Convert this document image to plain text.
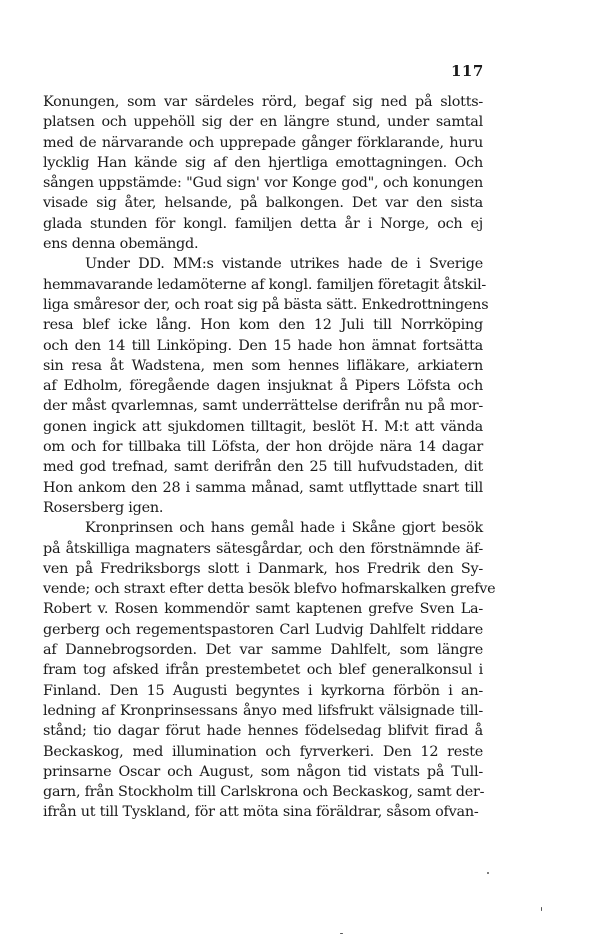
117
Konungen, som var särdeles rörd, begaf sig ned på slotts-
platsen och uppehöll sig der en längre stund, under samtal
med de närvarande och upprepade gånger förklarande, huru
lycklig Han kände sig af den hjertliga emottagningen. Och
sången uppstämde: "Gud sign' vor Konge god", och konungen
visade sig åter, helsande, på balkongen. Det var den sista
glada stunden för kongl. familjen detta år i Norge, och ej
ens denna obemängd.
Under DD. MM:s vistande utrikes hade de i Sverige
hemmavarande ledamöterne af kongl. familjen företagit åtskil-
liga småresor der, och roat sig på bästa sätt. Enkedrottningens
resa blef icke lång. Hon kom den 12 Juli till Norrköping
och den 14 till Linköping. Den 15 hade hon ämnat fortsätta
sin resa åt Wadstena, men som hennes lifläkare, arkiatern
af Edholm, föregående dagen insjuknat å Pipers Löfsta och
der måst qvarlemnas, samt underrättelse derifrån nu på mor-
gonen ingick att sjukdomen tilltagit, beslöt H. M:t att vända
om och for tillbaka till Löfsta, der hon dröjde nära 14 dagar
med god trefnad, samt derifrån den 25 till hufvudstaden, dit
Hon ankom den 28 i samma månad, samt utflyttade snart till
Rosersberg igen.
Kronprinsen och hans gemål hade i Skåne gjort besök
på åtskilliga magnaters sätesgårdar, och den förstnämnde äf-
ven på Fredriksborgs slott i Danmark, hos Fredrik den Sy-
vende; och straxt efter detta besök blefvo hofmarskalken grefve
Robert v. Rosen kommendör samt kaptenen grefve Sven La-
gerberg och regementspastoren Carl Ludvig Dahlfelt riddare
af Dannebrogsorden. Det var samme Dahlfelt, som längre
fram tog afsked ifrån prestembetet och blef generalkonsul i
Finland. Den 15 Augusti begyntes i kyrkorna förbön i an-
ledning af Kronprinsessans ånyo med lifsfrukt välsignade till-
stånd; tio dagar förut hade hennes födelsedag blifvit firad å
Beckaskog, med illumination och fyrverkeri. Den 12 reste
prinsarne Oscar och August, som någon tid vistats på Tull-
garn, från Stockholm till Carlskrona och Beckaskog, samt der-
ifrån ut till Tyskland, för att möta sina föräldrar, såsom ofvan-
